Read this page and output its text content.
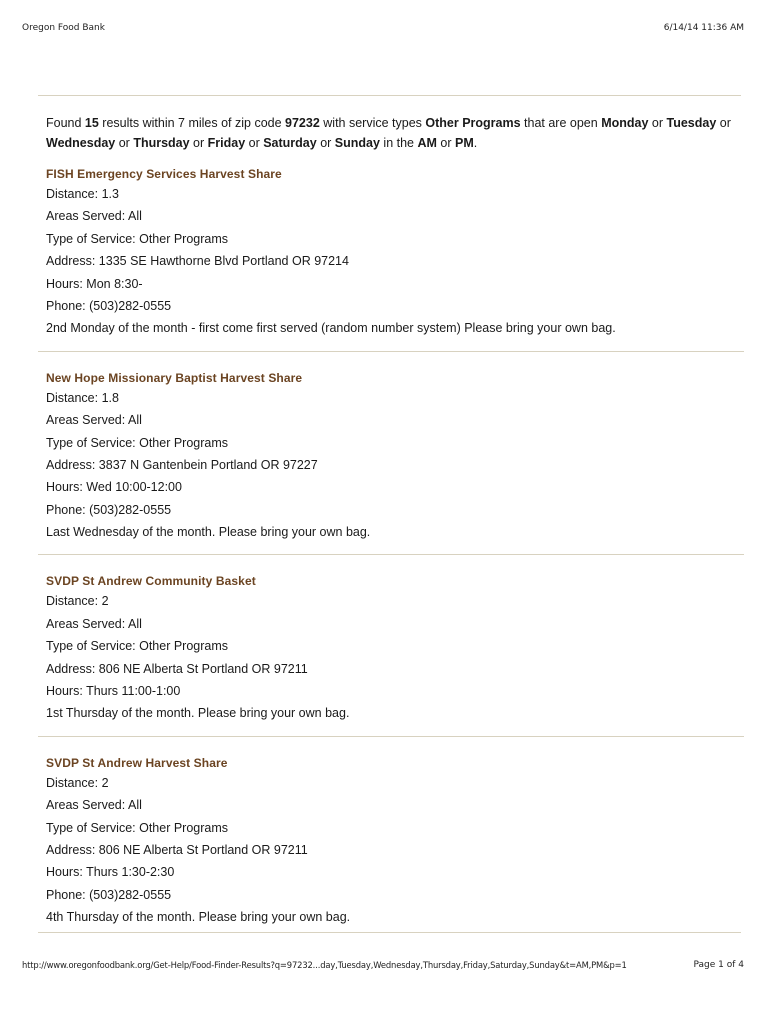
Oregon Food Bank	6/14/14 11:36 AM

Found 15 results within 7 miles of zip code 97232 with service types Other Programs that are open Monday or Tuesday or
Wednesday or Thursday or Friday or Saturday or Sunday in the AM or PM.

FISH Emergency Services Harvest Share
Distance: 1.3
Areas Served: All
Type of Service: Other Programs
Address: 1335 SE Hawthorne Blvd Portland OR 97214
Hours: Mon 8:30-
Phone: (503)282-0555
2nd Monday of the month - first come first served (random number system) Please bring your own bag.
New Hope Missionary Baptist Harvest Share
Distance: 1.8
Areas Served: All
Type of Service: Other Programs
Address: 3837 N Gantenbein Portland OR 97227
Hours: Wed 10:00-12:00
Phone: (503)282-0555
Last Wednesday of the month. Please bring your own bag.
SVDP St Andrew Community Basket
Distance: 2
Areas Served: All
Type of Service: Other Programs
Address: 806 NE Alberta St Portland OR 97211
Hours: Thurs 11:00-1:00
1st Thursday of the month. Please bring your own bag.
SVDP St Andrew Harvest Share
Distance: 2
Areas Served: All
Type of Service: Other Programs
Address: 806 NE Alberta St Portland OR 97211
Hours: Thurs 1:30-2:30
Phone: (503)282-0555
4th Thursday of the month. Please bring your own bag.
http://www.oregonfoodbank.org/Get-Help/Food-Finder-Results?q=97232...day,Tuesday,Wednesday,Thursday,Friday,Saturday,Sunday&t=AM,PM&p=1	Page 1 of 4
